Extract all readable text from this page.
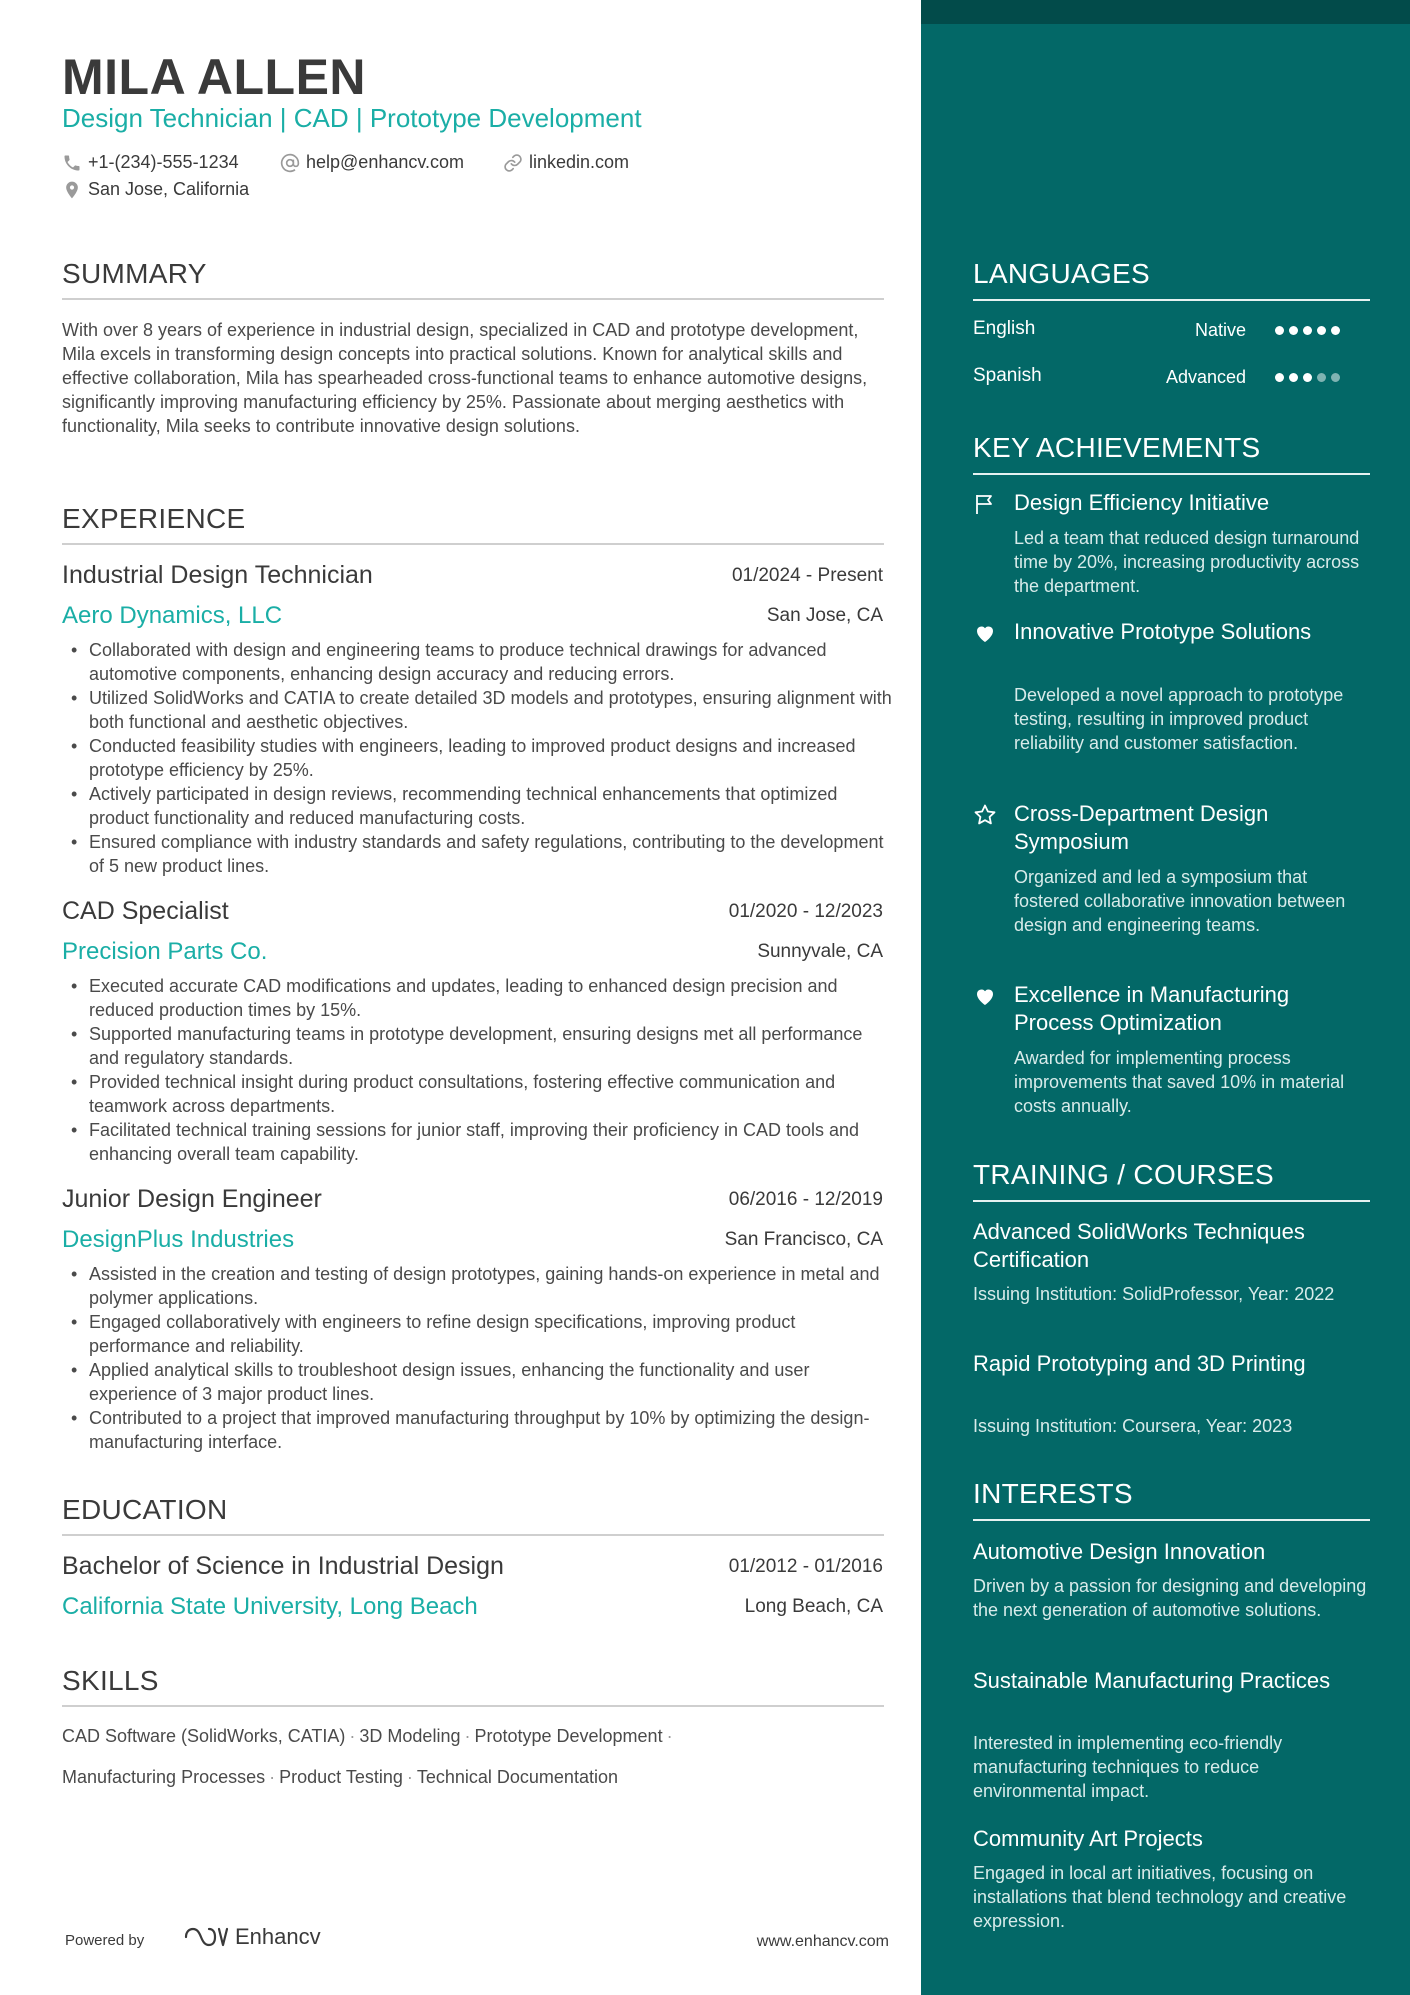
MILA ALLEN
Design Technician | CAD | Prototype Development
+1-(234)-555-1234	help@enhancv.com	linkedin.com
San Jose, California
SUMMARY
With over 8 years of experience in industrial design, specialized in CAD and prototype development, Mila excels in transforming design concepts into practical solutions. Known for analytical skills and effective collaboration, Mila has spearheaded cross-functional teams to enhance automotive designs, significantly improving manufacturing efficiency by 25%. Passionate about merging aesthetics with functionality, Mila seeks to contribute innovative design solutions.
EXPERIENCE
Industrial Design Technician	01/2024 - Present
Aero Dynamics, LLC	San Jose, CA
• Collaborated with design and engineering teams to produce technical drawings for advanced automotive components, enhancing design accuracy and reducing errors.
• Utilized SolidWorks and CATIA to create detailed 3D models and prototypes, ensuring alignment with both functional and aesthetic objectives.
• Conducted feasibility studies with engineers, leading to improved product designs and increased prototype efficiency by 25%.
• Actively participated in design reviews, recommending technical enhancements that optimized product functionality and reduced manufacturing costs.
• Ensured compliance with industry standards and safety regulations, contributing to the development of 5 new product lines.
CAD Specialist	01/2020 - 12/2023
Precision Parts Co.	Sunnyvale, CA
• Executed accurate CAD modifications and updates, leading to enhanced design precision and reduced production times by 15%.
• Supported manufacturing teams in prototype development, ensuring designs met all performance and regulatory standards.
• Provided technical insight during product consultations, fostering effective communication and teamwork across departments.
• Facilitated technical training sessions for junior staff, improving their proficiency in CAD tools and enhancing overall team capability.
Junior Design Engineer	06/2016 - 12/2019
DesignPlus Industries	San Francisco, CA
• Assisted in the creation and testing of design prototypes, gaining hands-on experience in metal and polymer applications.
• Engaged collaboratively with engineers to refine design specifications, improving product performance and reliability.
• Applied analytical skills to troubleshoot design issues, enhancing the functionality and user experience of 3 major product lines.
• Contributed to a project that improved manufacturing throughput by 10% by optimizing the design-manufacturing interface.
EDUCATION
Bachelor of Science in Industrial Design	01/2012 - 01/2016
California State University, Long Beach	Long Beach, CA
SKILLS
CAD Software (SolidWorks, CATIA) · 3D Modeling · Prototype Development ·
Manufacturing Processes · Product Testing · Technical Documentation
Powered by	Enhancv	www.enhancv.com
LANGUAGES
English	Native
Spanish	Advanced
KEY ACHIEVEMENTS
Design Efficiency Initiative
Led a team that reduced design turnaround time by 20%, increasing productivity across the department.
Innovative Prototype Solutions
Developed a novel approach to prototype testing, resulting in improved product reliability and customer satisfaction.
Cross-Department Design Symposium
Organized and led a symposium that fostered collaborative innovation between design and engineering teams.
Excellence in Manufacturing Process Optimization
Awarded for implementing process improvements that saved 10% in material costs annually.
TRAINING / COURSES
Advanced SolidWorks Techniques Certification
Issuing Institution: SolidProfessor, Year: 2022
Rapid Prototyping and 3D Printing
Issuing Institution: Coursera, Year: 2023
INTERESTS
Automotive Design Innovation
Driven by a passion for designing and developing the next generation of automotive solutions.
Sustainable Manufacturing Practices
Interested in implementing eco-friendly manufacturing techniques to reduce environmental impact.
Community Art Projects
Engaged in local art initiatives, focusing on installations that blend technology and creative expression.
